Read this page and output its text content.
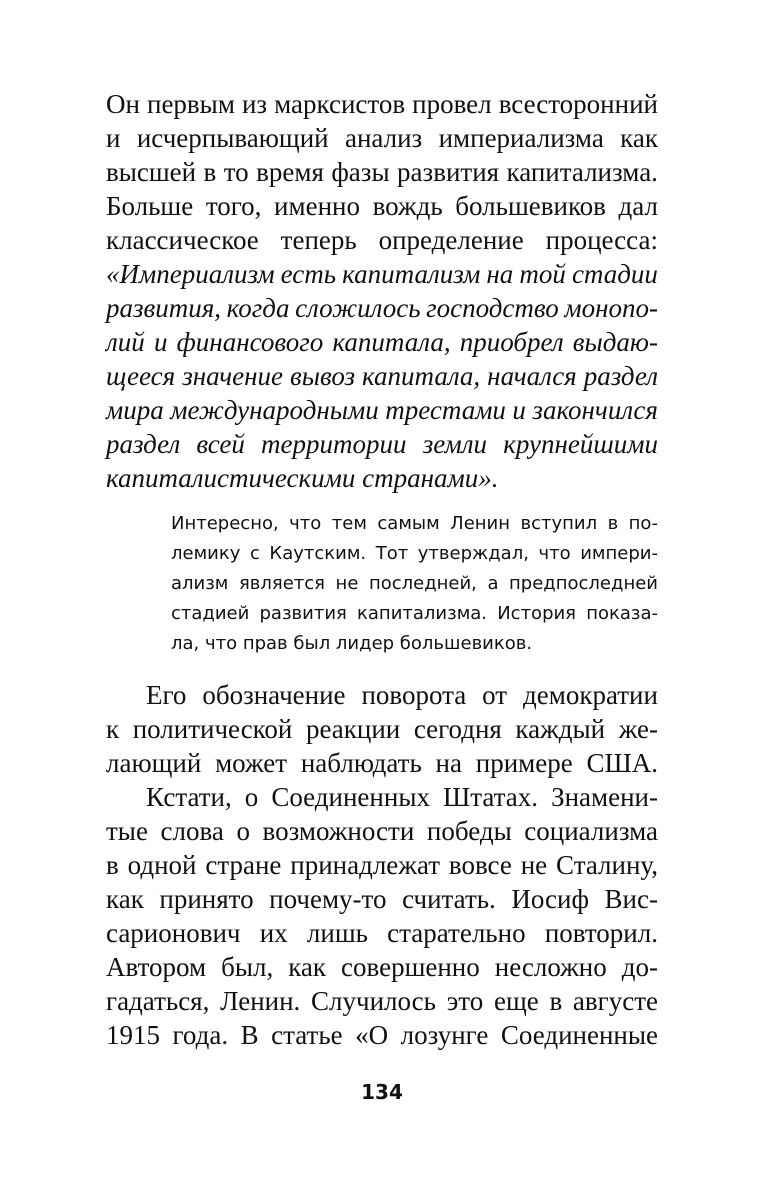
Он первым из марксистов провел всесторонний
и исчерпывающий анализ империализма как
высшей в то время фазы развития капитализма.
Больше того, именно вождь большевиков дал
классическое теперь определение процесса:
«Империализм есть капитализм на той стадии
развития, когда сложилось господство монопо-
лий и финансового капитала, приобрел выдаю-
щееся значение вывоз капитала, начался раздел
мира международными трестами и закончился
раздел всей территории земли крупнейшими
капиталистическими странами».
Интересно, что тем самым Ленин вступил в по-
лемику с Каутским. Тот утверждал, что импери-
ализм является не последней, а предпоследней
стадией развития капитализма. История показа-
ла, что прав был лидер большевиков.
Его обозначение поворота от демократии
к политической реакции сегодня каждый же-
лающий может наблюдать на примере США.
Кстати, о Соединенных Штатах. Знамени-
тые слова о возможности победы социализма
в одной стране принадлежат вовсе не Сталину,
как принято почему-то считать. Иосиф Вис-
сарионович их лишь старательно повторил.
Автором был, как совершенно несложно до-
гадаться, Ленин. Случилось это еще в августе
1915 года. В статье «О лозунге Соединенные
134
